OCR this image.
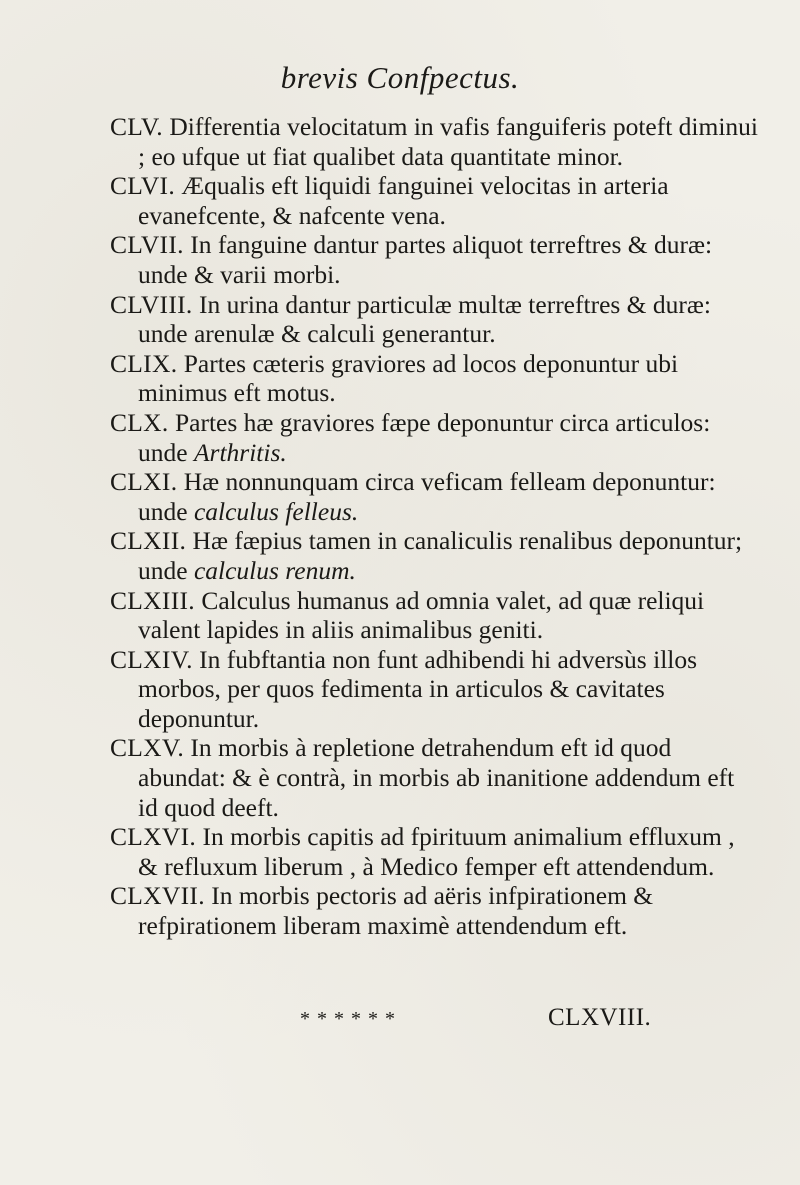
brevis Confpectus.

CLV. Differentia velocitatum in vafis fanguiferis poteft diminui ; eo ufque ut fiat qualibet data quantitate minor.

CLVI. Æqualis eft liquidi fanguinei velocitas in arteria evanefcente, & nafcente vena.

CLVII. In fanguine dantur partes aliquot terreftres & duræ: unde & varii morbi.

CLVIII. In urina dantur particulæ multæ terreftres & duræ: unde arenulæ & calculi generantur.

CLIX. Partes cæteris graviores ad locos deponuntur ubi minimus eft motus.

CLX. Partes hæ graviores fæpe deponuntur circa articulos: unde Arthritis.

CLXI. Hæ nonnunquam circa veficam felleam deponuntur: unde calculus felleus.

CLXII. Hæ fæpius tamen in canaliculis renalibus deponuntur; unde calculus renum.

CLXIII. Calculus humanus ad omnia valet, ad quæ reliqui valent lapides in aliis animalibus geniti.

CLXIV. In fubftantia non funt adhibendi hi adversùs illos morbos, per quos fedimenta in articulos & cavitates deponuntur.

CLXV. In morbis à repletione detrahendum eft id quod abundat: & è contrà, in morbis ab inanitione addendum eft id quod deeft.

CLXVI. In morbis capitis ad fpirituum animalium effluxum , & refluxum liberum , à Medico femper eft attendendum.

CLXVII. In morbis pectoris ad aëris infpirationem & refpirationem liberam maximè attendendum eft.

* * * * * *	CLXVIII.
